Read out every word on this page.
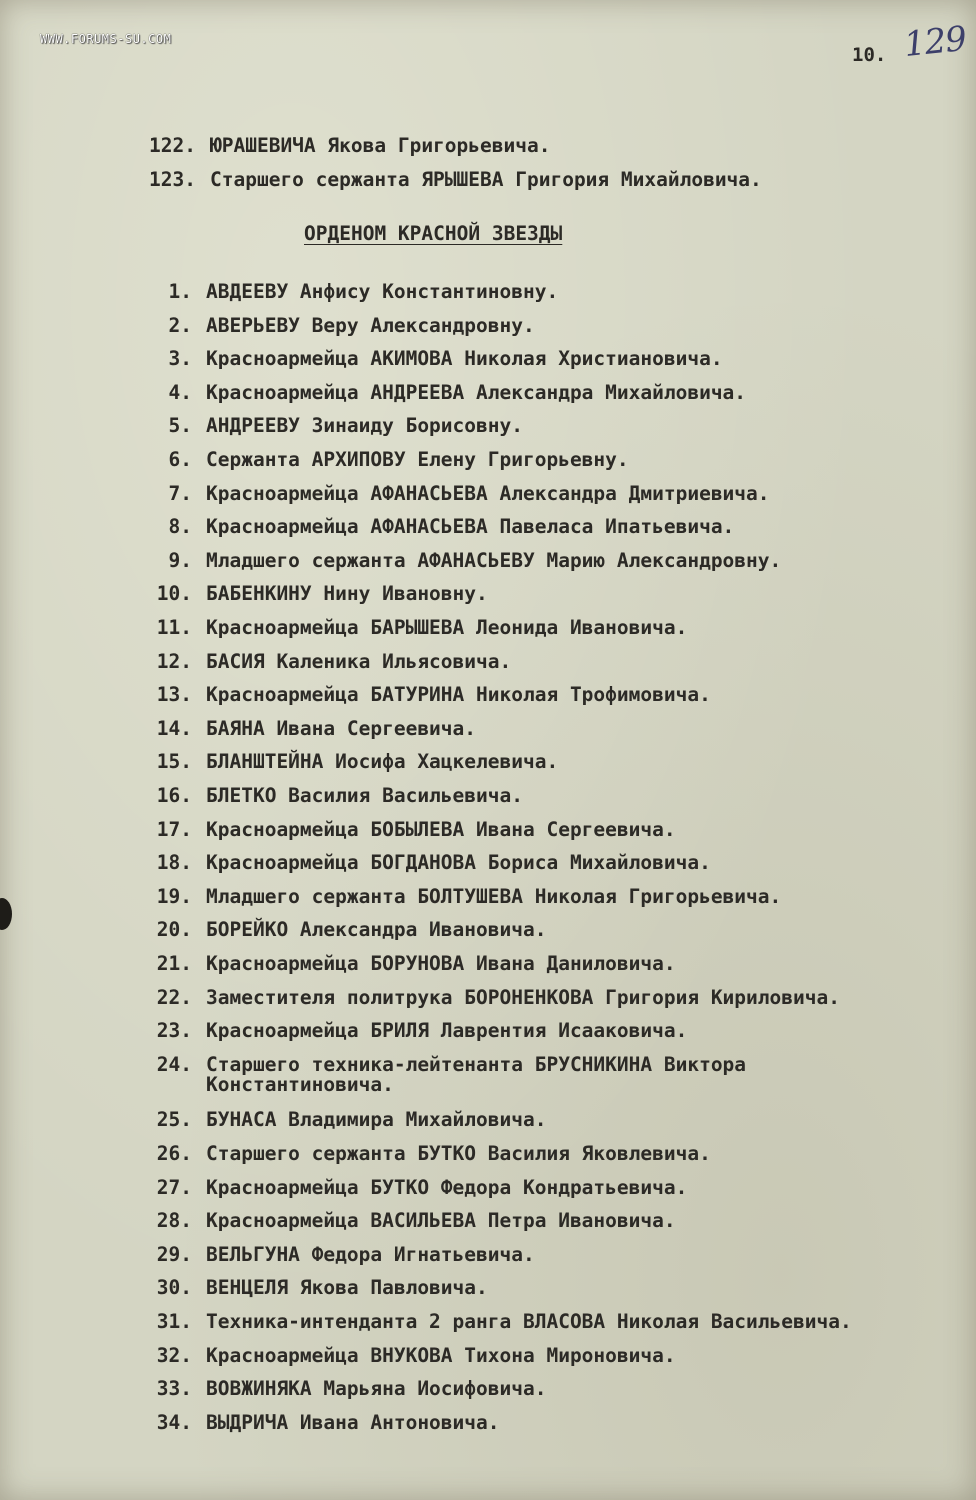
WWW.FORUMS-SU.COM
10. 129
122. ЮРАШЕВИЧА Якова Григорьевича.
123. Старшего сержанта ЯРЫШЕВА Григория Михайловича.
ОРДЕНОМ КРАСНОЙ ЗВЕЗДЫ
1. АВДЕЕВУ Анфису Константиновну.
2. АВЕРЬЕВУ Веру Александровну.
3. Красноармейца АКИМОВА Николая Христиановича.
4. Красноармейца АНДРЕЕВА Александра Михайловича.
5. АНДРЕЕВУ Зинаиду Борисовну.
6. Сержанта АРХИПОВУ Елену Григорьевну.
7. Красноармейца АФАНАСЬЕВА Александра Дмитриевича.
8. Красноармейца АФАНАСЬЕВА Павеласа Ипатьевича.
9. Младшего сержанта АФАНАСЬЕВУ Марию Александровну.
10. БАБЕНКИНУ Нину Ивановну.
11. Красноармейца БАРЫШЕВА Леонида Ивановича.
12. БАСИЯ Каленика Ильясовича.
13. Красноармейца БАТУРИНА Николая Трофимовича.
14. БАЯНА Ивана Сергеевича.
15. БЛАНШТЕЙНА Иосифа Хацкелевича.
16. БЛЕТКО Василия Васильевича.
17. Красноармейца БОБЫЛЕВА Ивана Сергеевича.
18. Красноармейца БОГДАНОВА Бориса Михайловича.
19. Младшего сержанта БОЛТУШЕВА Николая Григорьевича.
20. БОРЕЙКО Александра Ивановича.
21. Красноармейца БОРУНОВА Ивана Даниловича.
22. Заместителя политрука БОРОНЕНКОВА Григория Кириловича.
23. Красноармейца БРИЛЯ Лаврентия Исааковича.
24. Старшего техника-лейтенанта БРУСНИКИНА Виктора
Константиновича.
25. БУНАСА Владимира Михайловича.
26. Старшего сержанта БУТКО Василия Яковлевича.
27. Красноармейца БУТКО Федора Кондратьевича.
28. Красноармейца ВАСИЛЬЕВА Петра Ивановича.
29. ВЕЛЬГУНА Федора Игнатьевича.
30. ВЕНЦЕЛЯ Якова Павловича.
31. Техника-интенданта 2 ранга ВЛАСОВА Николая Васильевича.
32. Красноармейца ВНУКОВА Тихона Мироновича.
33. ВОВЖИНЯКА Марьяна Иосифовича.
34. ВЫДРИЧА Ивана Антоновича.
